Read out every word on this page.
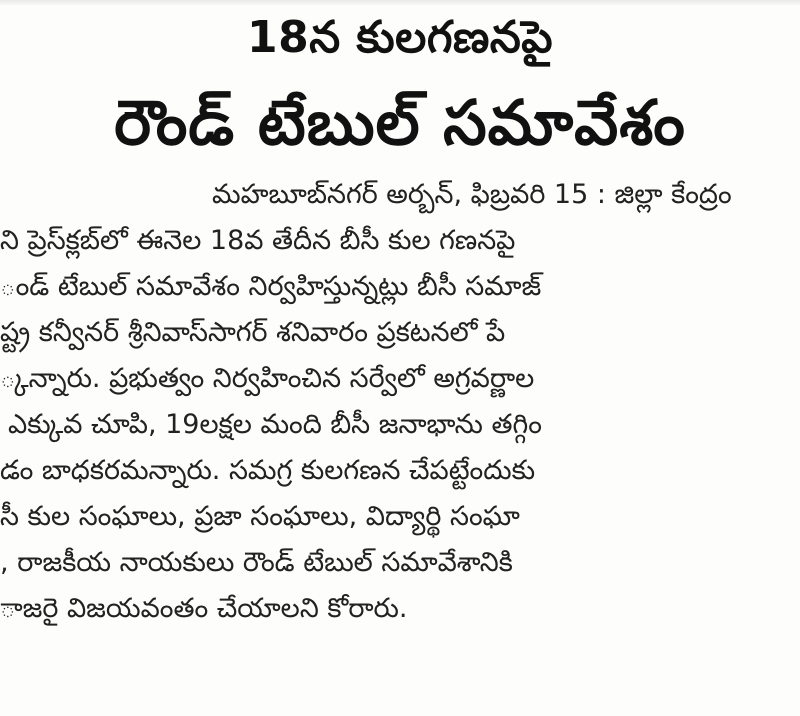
18న కులగణనపై
రౌండ్ టేబుల్ సమావేశం
మహబూబ్‌నగర్ అర్బన్, ఫిబ్రవరి 15 : జిల్లా కేంద్రం
ని ప్రెస్‌క్లబ్‌లో ఈనెల 18వ తేదీన బీసీ కుల గణనపై
ండ్ టేబుల్ సమావేశం నిర్వహిస్తున్నట్లు బీసీ సమాజ్
ష్ట్ర కన్వీనర్ శ్రీనివాస్‌సాగర్ శనివారం ప్రకటనలో పే
్కన్నారు. ప్రభుత్వం నిర్వహించిన సర్వేలో అగ్రవర్ణాల
ఎక్కువ చూపి, 19లక్షల మంది బీసీ జనాభాను తగ్గిం
డం బాధకరమన్నారు. సమగ్ర కులగణన చేపట్టేందుకు
సీ కుల సంఘాలు, ప్రజా సంఘాలు, విద్యార్థి సంఘా
, రాజకీయ నాయకులు రౌండ్ టేబుల్ సమావేశానికి
ాజరై విజయవంతం చేయాలని కోరారు.
